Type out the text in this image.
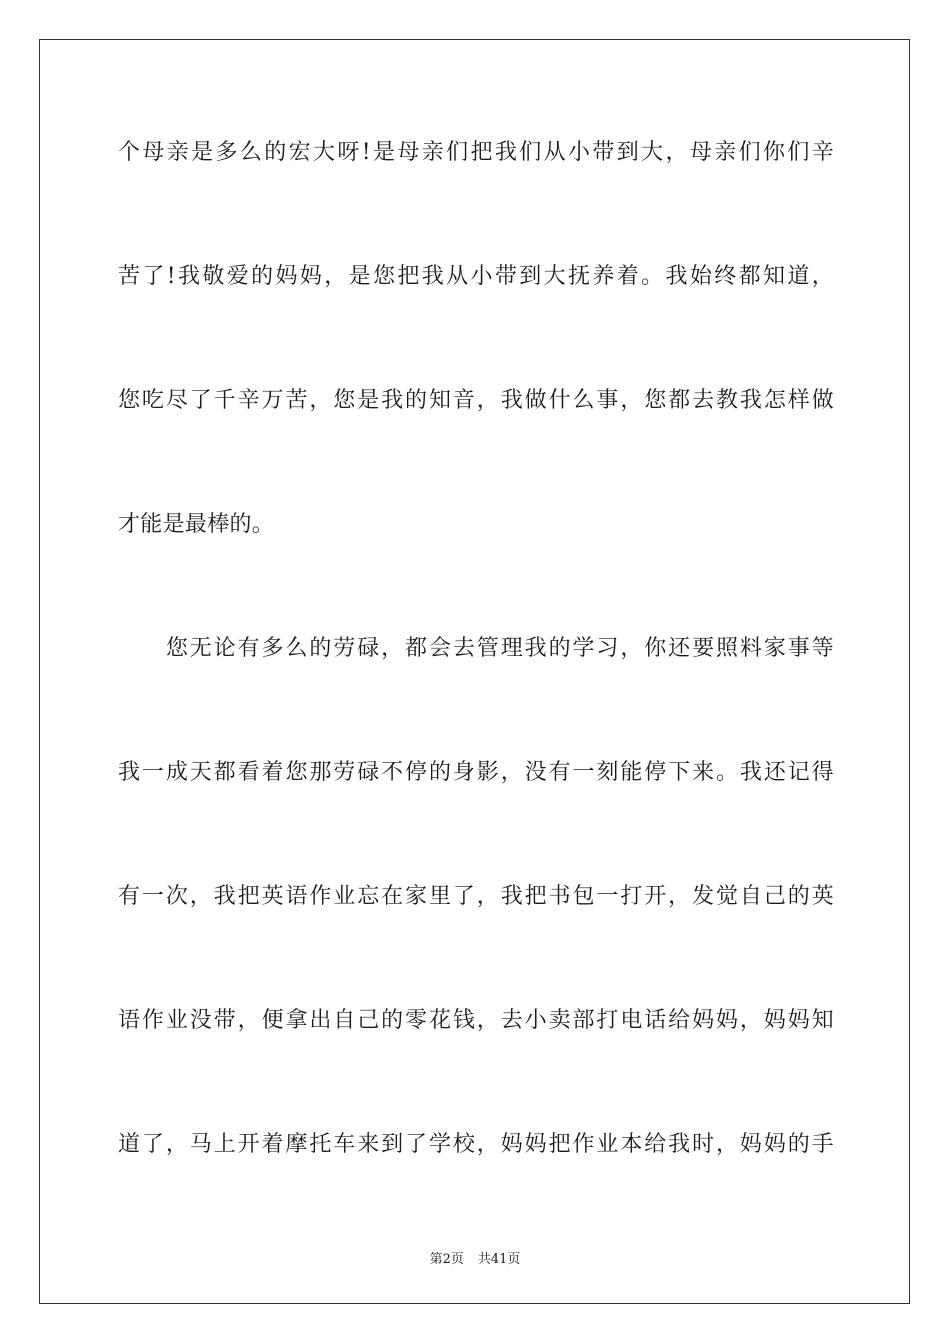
个母亲是多么的宏大呀!是母亲们把我们从小带到大，母亲们你们辛
苦了!我敬爱的妈妈，是您把我从小带到大抚养着。我始终都知道，
您吃尽了千辛万苦，您是我的知音，我做什么事，您都去教我怎样做
才能是最棒的。
　　您无论有多么的劳碌，都会去管理我的学习，你还要照料家事等
我一成天都看着您那劳碌不停的身影，没有一刻能停下来。我还记得
有一次，我把英语作业忘在家里了，我把书包一打开，发觉自己的英
语作业没带，便拿出自己的零花钱，去小卖部打电话给妈妈，妈妈知
道了，马上开着摩托车来到了学校，妈妈把作业本给我时，妈妈的手
第2页 共41页
